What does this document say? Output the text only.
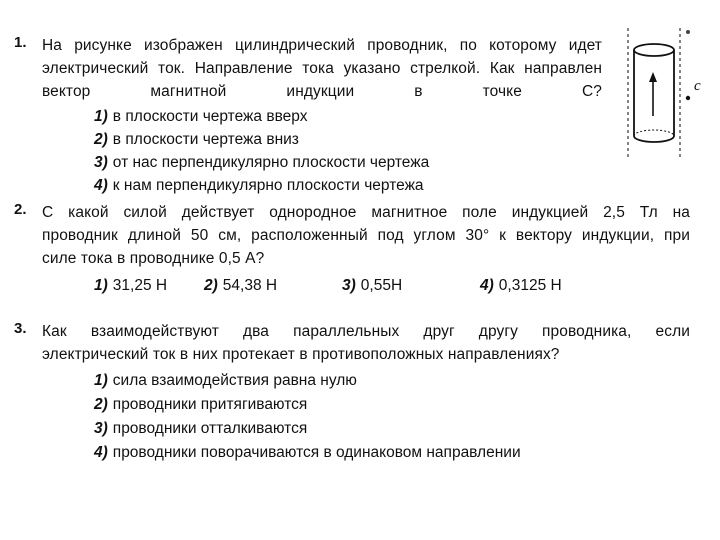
1. На рисунке изображен цилиндрический проводник, по которому идет
электрический ток. Направление тока указано стрелкой. Как направлен
вектор магнитной индукции в точке С?
1) в плоскости чертежа вверх
2) в плоскости чертежа вниз
3) от нас перпендикулярно плоскости чертежа
4) к нам перпендикулярно плоскости чертежа
c
2. С какой силой действует однородное магнитное поле индукцией 2,5 Тл на
проводник длиной 50 см, расположенный под углом 30° к вектору индукции, при
силе тока в проводнике 0,5 А?
1) 31,25 Н 2) 54,38 Н	3) 0,55Н	4) 0,3125 Н
3. Как взаимодействуют два параллельных друг другу проводника, если
электрический ток в них протекает в противоположных направлениях?
1) сила взаимодействия равна нулю
2) проводники притягиваются
3) проводники отталкиваются
4) проводники поворачиваются в одинаковом направлении
